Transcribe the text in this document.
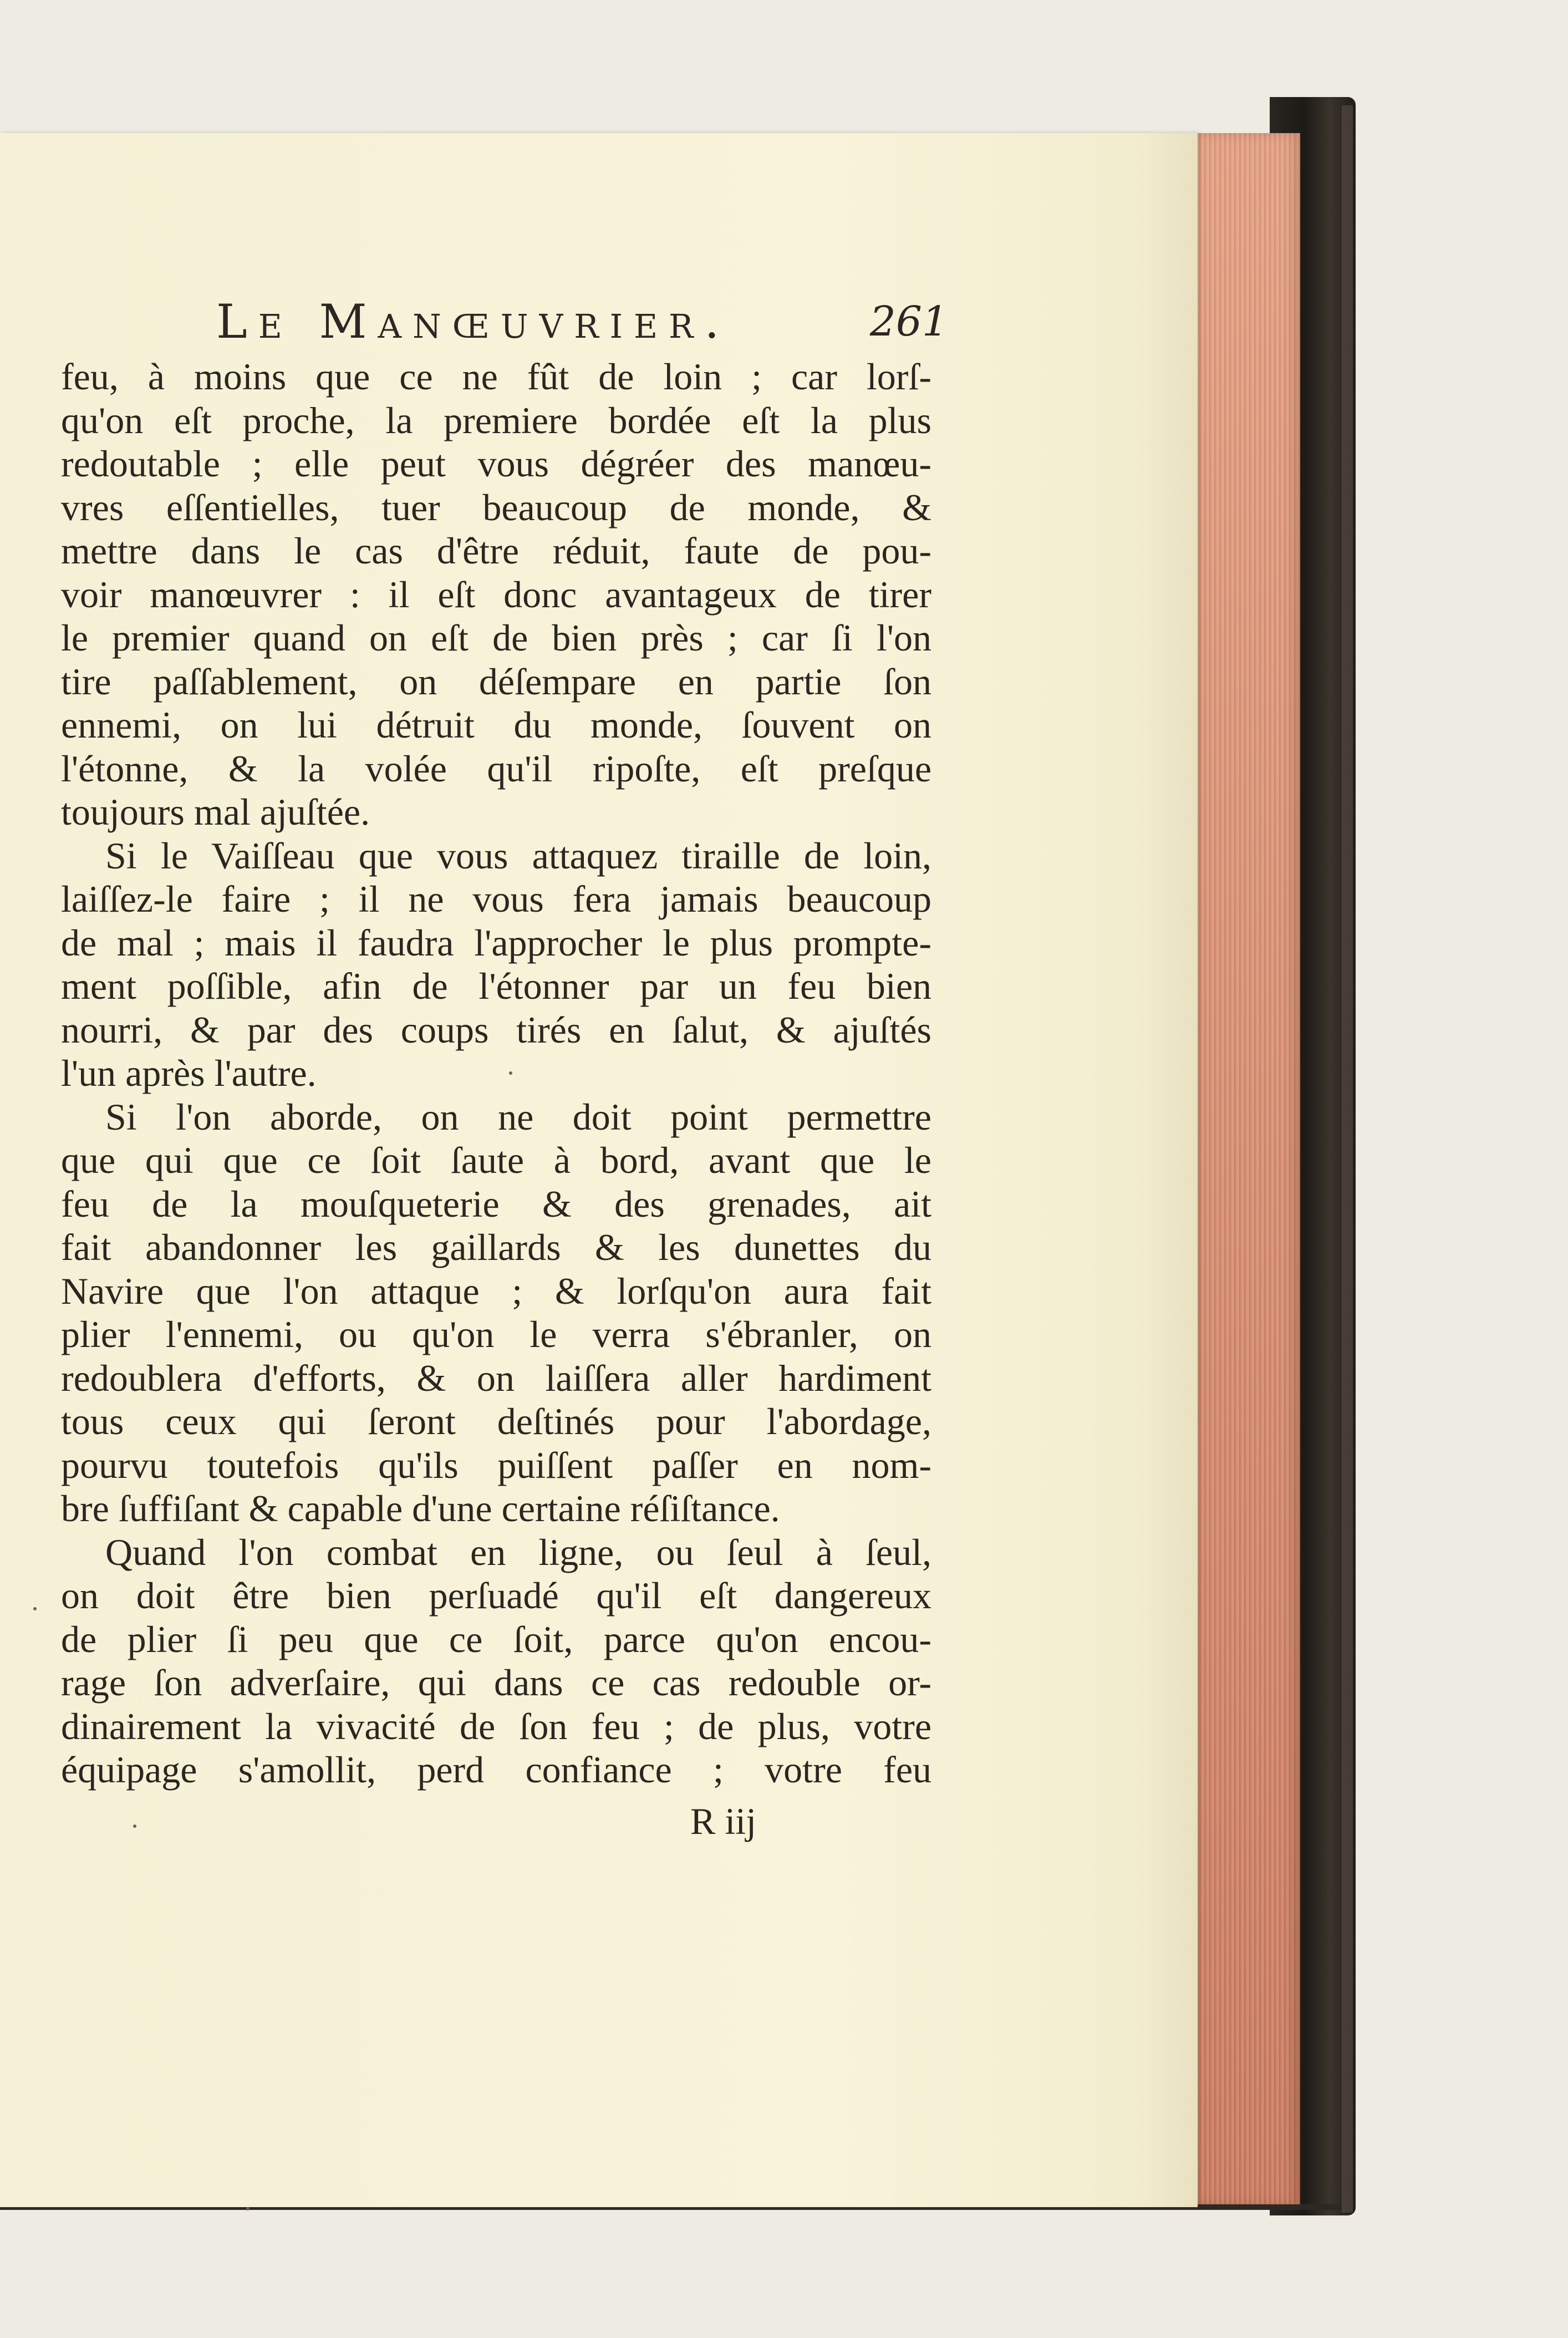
Le Manœuvrier.	261
feu, à moins que ce ne fût de loin ; car lorſ-
qu'on eſt proche, la premiere bordée eſt la plus
redoutable ; elle peut vous dégréer des manœu-
vres eſſentielles, tuer beaucoup de monde, &
mettre dans le cas d'être réduit, faute de pou-
voir manœuvrer : il eſt donc avantageux de tirer
le premier quand on eſt de bien près ; car ſi l'on
tire paſſablement, on déſempare en partie ſon
ennemi, on lui détruit du monde, ſouvent on
l'étonne, & la volée qu'il ripoſte, eſt preſque
toujours mal ajuſtée.
Si le Vaiſſeau que vous attaquez tiraille de loin,
laiſſez-le faire ; il ne vous fera jamais beaucoup
de mal ; mais il faudra l'approcher le plus prompte-
ment poſſible, afin de l'étonner par un feu bien
nourri, & par des coups tirés en ſalut, & ajuſtés
l'un après l'autre.
Si l'on aborde, on ne doit point permettre
que qui que ce ſoit ſaute à bord, avant que le
feu de la mouſqueterie & des grenades, ait
fait abandonner les gaillards & les dunettes du
Navire que l'on attaque ; & lorſqu'on aura fait
plier l'ennemi, ou qu'on le verra s'ébranler, on
redoublera d'efforts, & on laiſſera aller hardiment
tous ceux qui ſeront deſtinés pour l'abordage,
pourvu toutefois qu'ils puiſſent paſſer en nom-
bre ſuffiſant & capable d'une certaine réſiſtance.
Quand l'on combat en ligne, ou ſeul à ſeul,
on doit être bien perſuadé qu'il eſt dangereux
de plier ſi peu que ce ſoit, parce qu'on encou-
rage ſon adverſaire, qui dans ce cas redouble or-
dinairement la vivacité de ſon feu ; de plus, votre
équipage s'amollit, perd confiance ; votre feu
R iij
